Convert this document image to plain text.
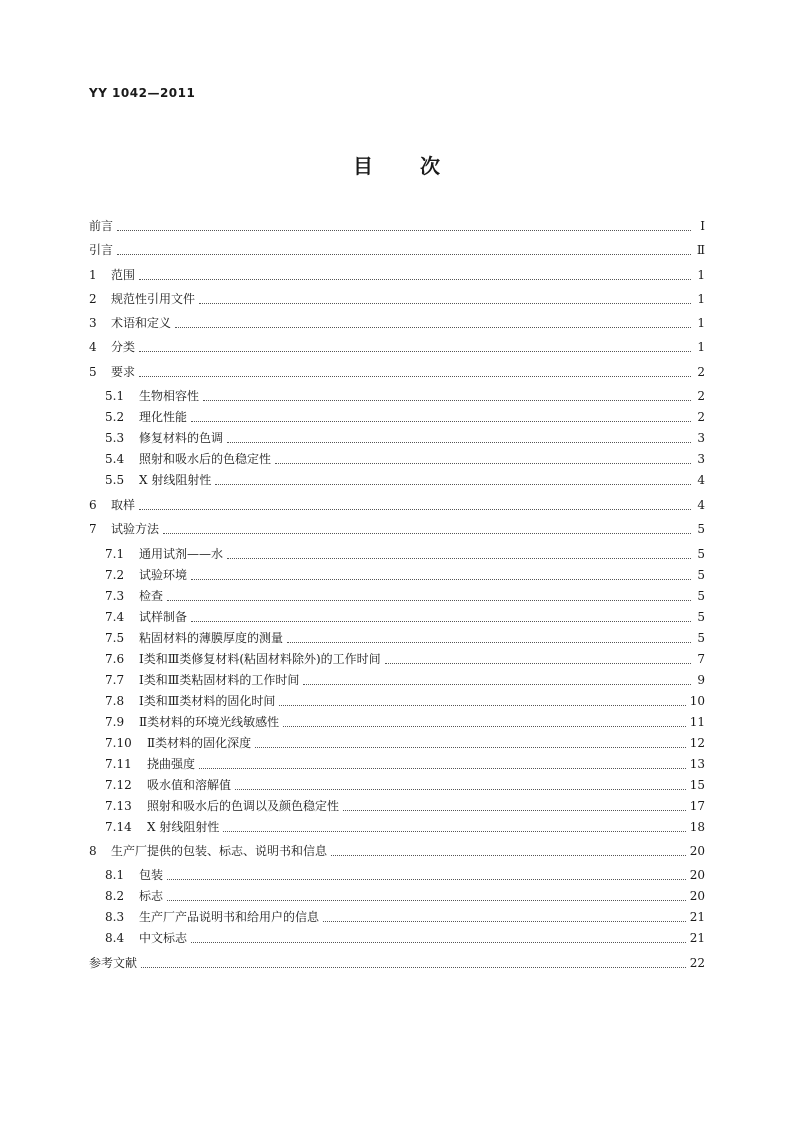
YY 1042—2011
目 次
前言	Ⅰ
引言	Ⅱ
1	范围	1
2	规范性引用文件	1
3	术语和定义	1
4	分类	1
5	要求	2
5.1	生物相容性	2
5.2	理化性能	2
5.3	修复材料的色调	3
5.4	照射和吸水后的色稳定性	3
5.5	X 射线阻射性	4
6	取样	4
7	试验方法	5
7.1	通用试剂——水	5
7.2	试验环境	5
7.3	检查	5
7.4	试样制备	5
7.5	粘固材料的薄膜厚度的测量	5
7.6	Ⅰ类和Ⅲ类修复材料(粘固材料除外)的工作时间	7
7.7	Ⅰ类和Ⅲ类粘固材料的工作时间	9
7.8	Ⅰ类和Ⅲ类材料的固化时间	10
7.9	Ⅱ类材料的环境光线敏感性	11
7.10	Ⅱ类材料的固化深度	12
7.11	挠曲强度	13
7.12	吸水值和溶解值	15
7.13	照射和吸水后的色调以及颜色稳定性	17
7.14	X 射线阻射性	18
8	生产厂提供的包装、标志、说明书和信息	20
8.1	包装	20
8.2	标志	20
8.3	生产厂产品说明书和给用户的信息	21
8.4	中文标志	21
参考文献	22
